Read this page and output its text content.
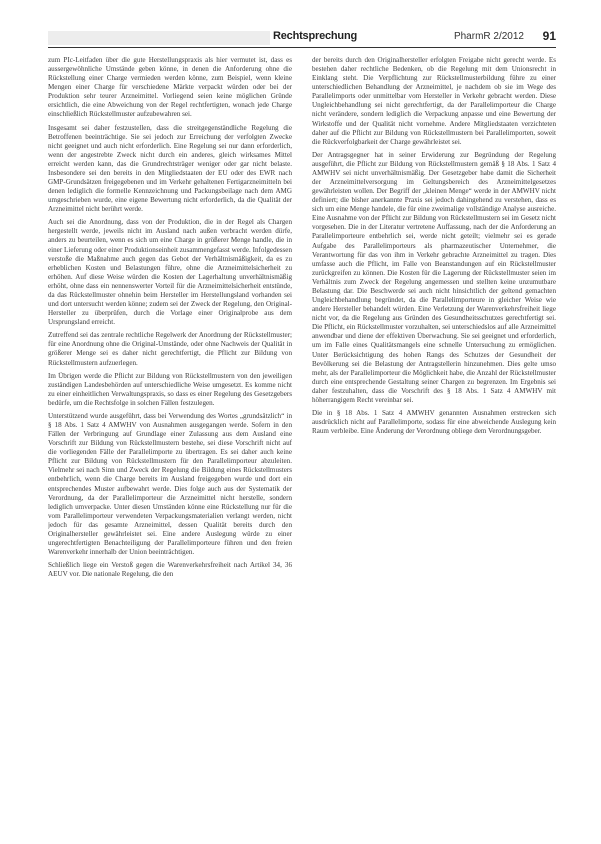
Rechtsprechung	PharmR 2/2012 91

zum PIc-Leitfaden über die gute Herstellungspraxis als hier vermutet ist, dass es aussergewöhnliche Umstände geben könne, in denen die Anforderung ohne die Rückstellung einer Charge vermieden werden könne, zum Beispiel, wenn kleine Mengen einer Charge für verschiedene Märkte verpackt würden oder bei der Produktion sehr teurer Arzneimittel. Vorliegend seien keine möglichen Gründe ersichtlich, die eine Abweichung von der Regel rechtfertigten, wonach jede Charge einschließlich Rückstellmuster aufzubewahren sei.

Insgesamt sei daher festzustellen, dass die streitgegenständliche Regelung die Betroffenen beeinträchtige. Sie sei jedoch zur Erreichung der verfolgten Zwecke nicht geeignet und auch nicht erforderlich. Eine Regelung sei nur dann erforderlich, wenn der angestrebte Zweck nicht durch ein anderes, gleich wirksames Mittel erreicht werden kann, das die Grundrechtsträger weniger oder gar nicht belaste. Insbesondere sei den bereits in den Mitgliedstaaten der EU oder des EWR nach GMP-Grundsätzen freigegebenen und im Verkehr gehaltenen Fertigarzneimitteln bei denen lediglich die formelle Kennzeichnung und Packungsbeilage nach dem AMG umgeschrieben wurde, eine eigene Bewertung nicht erforderlich, da die Qualität der Arzneimittel nicht berührt werde.

Auch sei die Anordnung, dass von der Produktion, die in der Regel als Chargen hergestellt werde, jeweils nicht im Ausland nach außen verbracht werden dürfe, anders zu beurteilen, wenn es sich um eine Charge in größerer Menge handle, die in einer Lieferung oder einer Produktionseinheit zusammengefasst werde. Infolgedessen verstoße die Maßnahme auch gegen das Gebot der Verhältnismäßigkeit, da es zu erheblichen Kosten und Belastungen führe, ohne die Arzneimittelsicherheit zu erhöhen. Auf diese Weise würden die Kosten der Lagerhaltung unverhältnismäßig erhöht, ohne dass ein nennenswerter Vorteil für die Arzneimittelsicherheit entstünde, da das Rückstellmuster ohnehin beim Hersteller im Herstellungsland vorhanden sei und dort untersucht werden könne; zudem sei der Zweck der Regelung, den Original-Hersteller zu überprüfen, durch die Vorlage einer Originalprobe aus dem Ursprungsland erreicht.

Zutreffend sei das zentrale rechtliche Regelwerk der Anordnung der Rückstellmuster; für eine Anordnung ohne die Original-Umstände, oder ohne Nachweis der Qualität in größerer Menge sei es daher nicht gerechtfertigt, die Pflicht zur Bildung von Rückstellmustern aufzuerlegen.

Im Übrigen werde die Pflicht zur Bildung von Rückstellmustern von den jeweiligen zuständigen Landesbehörden auf unterschiedliche Weise umgesetzt. Es komme nicht zu einer einheitlichen Verwaltungspraxis, so dass es einer Regelung des Gesetzgebers bedürfe, um die Rechtsfolge in solchen Fällen festzulegen.

Unterstützend wurde ausgeführt, dass bei Verwendung des Wortes „grundsätzlich“ in § 18 Abs. 1 Satz 4 AMWHV von Ausnahmen ausgegangen werde. Sofern in den Fällen der Verbringung auf Grundlage einer Zulassung aus dem Ausland eine Vorschrift zur Bildung von Rückstellmustern bestehe, sei diese Vorschrift nicht auf die vorliegenden Fälle der Parallelimporte zu übertragen. Es sei daher auch keine Pflicht zur Bildung von Rückstellmustern für den Parallelimporteur abzuleiten. Vielmehr sei nach Sinn und Zweck der Regelung die Bildung eines Rückstellmusters entbehrlich, wenn die Charge bereits im Ausland freigegeben wurde und dort ein entsprechendes Muster aufbewahrt werde. Dies folge auch aus der Systematik der Verordnung, da der Parallelimporteur die Arzneimittel nicht herstelle, sondern lediglich umverpacke. Unter diesen Umständen könne eine Rückstellung nur für die vom Parallelimporteur verwendeten Verpackungsmaterialien verlangt werden, nicht jedoch für das gesamte Arzneimittel, dessen Qualität bereits durch den Originalhersteller gewährleistet sei. Eine andere Auslegung würde zu einer ungerechtfertigten Benachteiligung der Parallelimporteure führen und den freien Warenverkehr innerhalb der Union beeinträchtigen.

Schließlich liege ein Verstoß gegen die Warenverkehrsfreiheit nach Artikel 34, 36 AEUV vor. Die nationale Regelung, die den

der bereits durch den Originalhersteller erfolgten Freigabe nicht gerecht werde. Es bestehen daher rechtliche Bedenken, ob die Regelung mit dem Unionsrecht in Einklang steht. Die Verpflichtung zur Rückstellmusterbildung führe zu einer unterschiedlichen Behandlung der Arzneimittel, je nachdem ob sie im Wege des Parallelimports oder unmittelbar vom Hersteller in Verkehr gebracht werden. Diese Ungleichbehandlung sei nicht gerechtfertigt, da der Parallelimporteur die Charge nicht verändere, sondern lediglich die Verpackung anpasse und eine Bewertung der Wirkstoffe und der Qualität nicht vornehme. Andere Mitgliedstaaten verzichteten daher auf die Pflicht zur Bildung von Rückstellmustern bei Parallelimporten, soweit die Rückverfolgbarkeit der Charge gewährleistet sei.

Der Antragsgegner hat in seiner Erwiderung zur Begründung der Regelung ausgeführt, die Pflicht zur Bildung von Rückstellmustern gemäß § 18 Abs. 1 Satz 4 AMWHV sei nicht unverhältnismäßig. Der Gesetzgeber habe damit die Sicherheit der Arzneimittelversorgung im Geltungsbereich des Arzneimittelgesetzes gewährleisten wollen. Der Begriff der „kleinen Menge“ werde in der AMWHV nicht definiert; die bisher anerkannte Praxis sei jedoch dahingehend zu verstehen, dass es sich um eine Menge handele, die für eine zweimalige vollständige Analyse ausreiche. Eine Ausnahme von der Pflicht zur Bildung von Rückstellmustern sei im Gesetz nicht vorgesehen. Die in der Literatur vertretene Auffassung, nach der die Anforderung an Parallelimporteure entbehrlich sei, werde nicht geteilt; vielmehr sei es gerade Aufgabe des Parallelimporteurs als pharmazeutischer Unternehmer, die Verantwortung für das von ihm in Verkehr gebrachte Arzneimittel zu tragen. Dies umfasse auch die Pflicht, im Falle von Beanstandungen auf ein Rückstellmuster zurückgreifen zu können. Die Kosten für die Lagerung der Rückstellmuster seien im Verhältnis zum Zweck der Regelung angemessen und stellten keine unzumutbare Belastung dar. Die Beschwerde sei auch nicht hinsichtlich der geltend gemachten Ungleichbehandlung begründet, da die Parallelimporteure in gleicher Weise wie andere Hersteller behandelt würden. Eine Verletzung der Warenverkehrsfreiheit liege nicht vor, da die Regelung aus Gründen des Gesundheitsschutzes gerechtfertigt sei. Die Pflicht, ein Rückstellmuster vorzuhalten, sei unterschiedslos auf alle Arzneimittel anwendbar und diene der effektiven Überwachung. Sie sei geeignet und erforderlich, um im Falle eines Qualitätsmangels eine schnelle Untersuchung zu ermöglichen. Unter Berücksichtigung des hohen Rangs des Schutzes der Gesundheit der Bevölkerung sei die Belastung der Antragstellerin hinzunehmen. Dies gelte umso mehr, als der Parallelimporteur die Möglichkeit habe, die Anzahl der Rückstellmuster durch eine entsprechende Gestaltung seiner Chargen zu begrenzen. Im Ergebnis sei daher festzuhalten, dass die Vorschrift des § 18 Abs. 1 Satz 4 AMWHV mit höherrangigem Recht vereinbar sei.

Die in § 18 Abs. 1 Satz 4 AMWHV genannten Ausnahmen erstrecken sich ausdrücklich nicht auf Parallelimporte, sodass für eine abweichende Auslegung kein Raum verbleibe. Eine Änderung der Verordnung obliege dem Verordnungsgeber.
